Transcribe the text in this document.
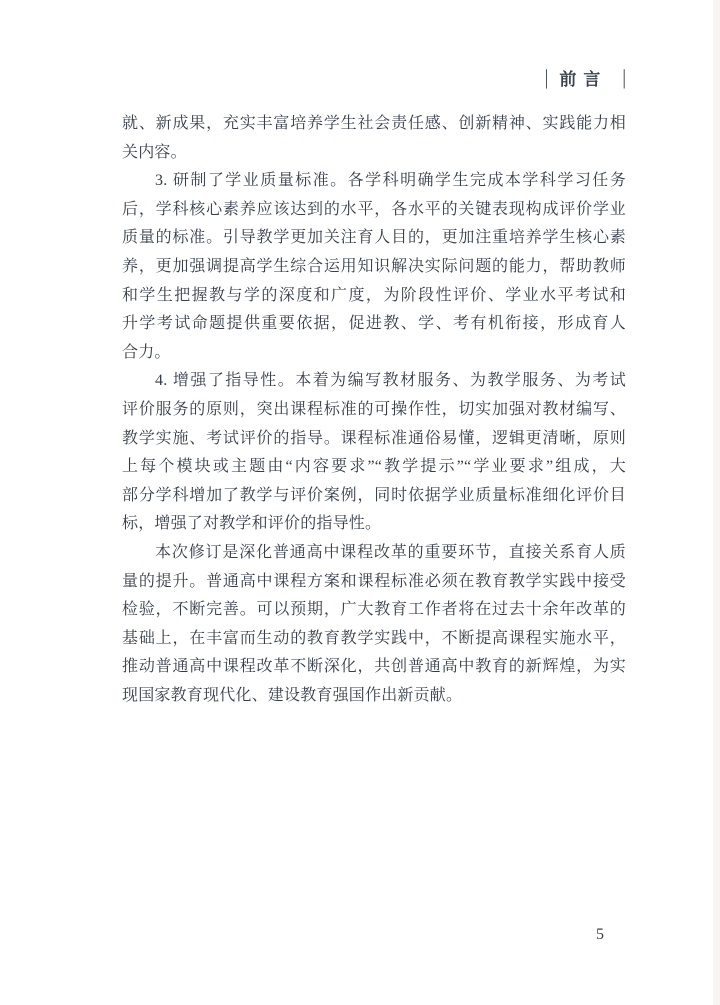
| 前言 |
就、新成果，充实丰富培养学生社会责任感、创新精神、实践能力相
关内容。
3. 研制了学业质量标准。各学科明确学生完成本学科学习任务
后，学科核心素养应该达到的水平，各水平的关键表现构成评价学业
质量的标准。引导教学更加关注育人目的，更加注重培养学生核心素
养，更加强调提高学生综合运用知识解决实际问题的能力，帮助教师
和学生把握教与学的深度和广度，为阶段性评价、学业水平考试和
升学考试命题提供重要依据，促进教、学、考有机衔接，形成育人
合力。
4. 增强了指导性。本着为编写教材服务、为教学服务、为考试
评价服务的原则，突出课程标准的可操作性，切实加强对教材编写、
教学实施、考试评价的指导。课程标准通俗易懂，逻辑更清晰，原则
上每个模块或主题由“内容要求”“教学提示”“学业要求”组成，大
部分学科增加了教学与评价案例，同时依据学业质量标准细化评价目
标，增强了对教学和评价的指导性。
本次修订是深化普通高中课程改革的重要环节，直接关系育人质
量的提升。普通高中课程方案和课程标准必须在教育教学实践中接受
检验，不断完善。可以预期，广大教育工作者将在过去十余年改革的
基础上，在丰富而生动的教育教学实践中，不断提高课程实施水平，
推动普通高中课程改革不断深化，共创普通高中教育的新辉煌，为实
现国家教育现代化、建设教育强国作出新贡献。
5
